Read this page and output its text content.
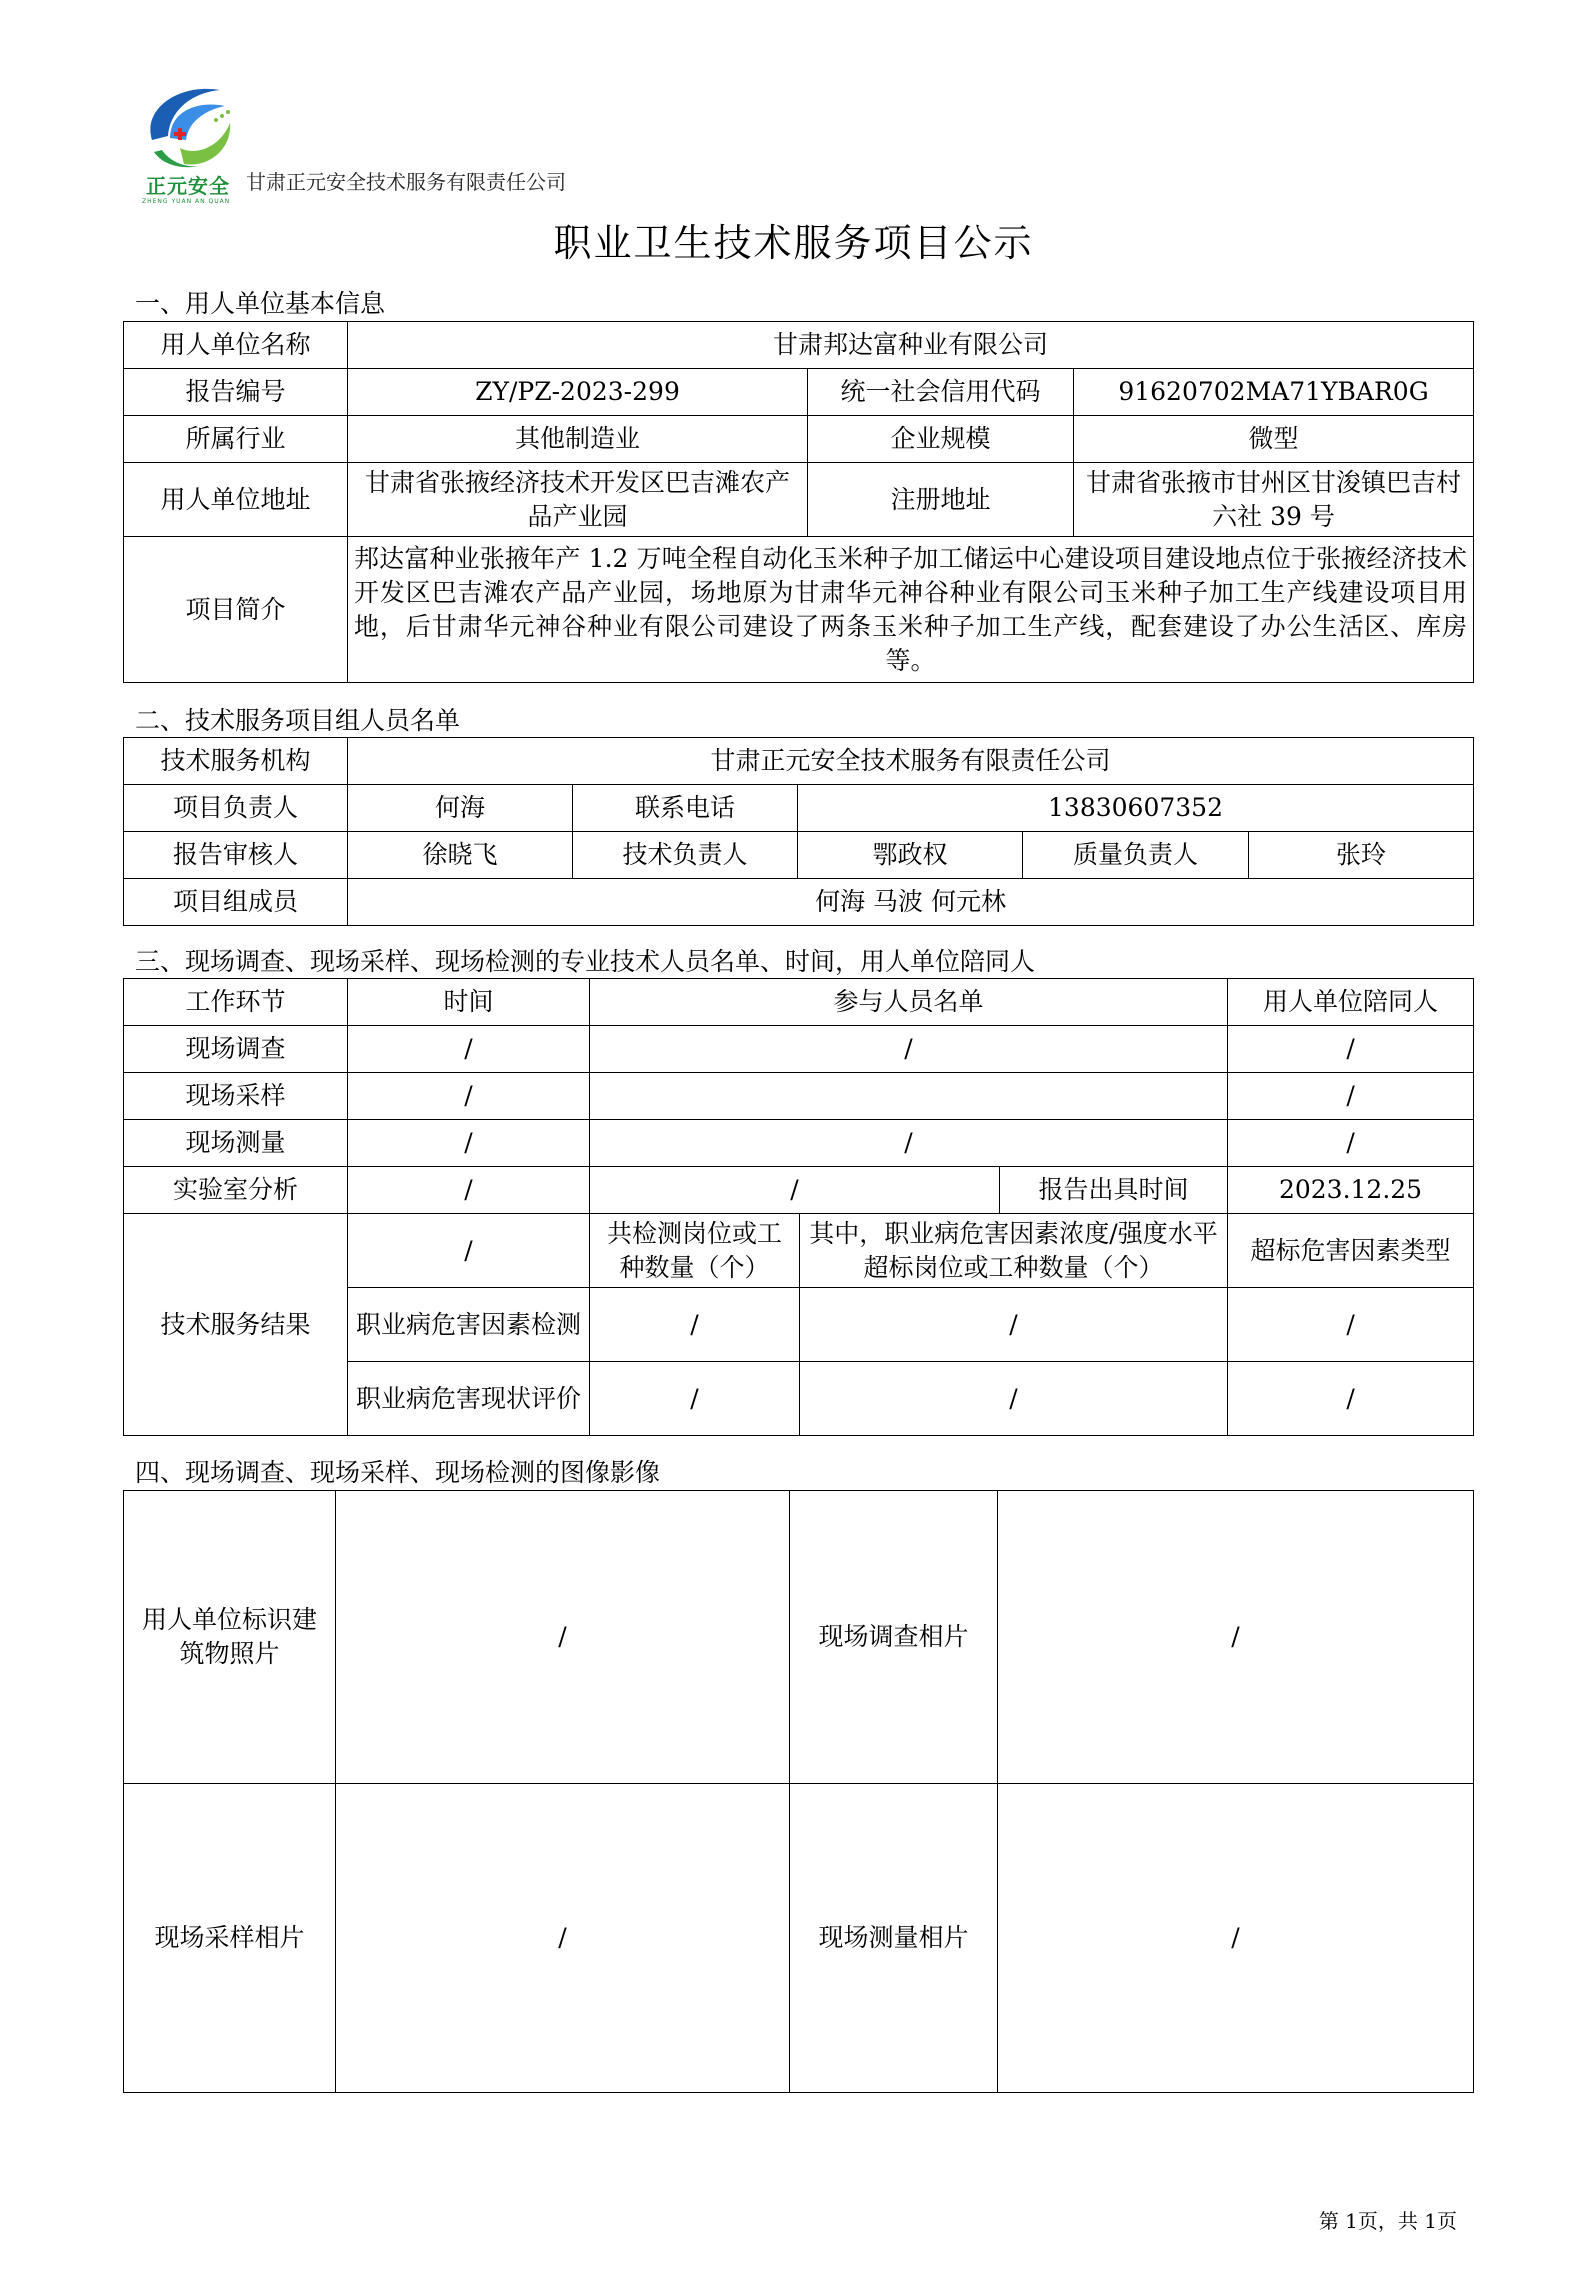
正元安全
ZHENG YUAN AN QUAN
甘肃正元安全技术服务有限责任公司
职业卫生技术服务项目公示
一、用人单位基本信息
用人单位名称	甘肃邦达富种业有限公司		
报告编号	ZY/PZ-2023-299	统一社会信用代码	91620702MA71YBAR0G
所属行业	其他制造业	企业规模	微型
用人单位地址	甘肃省张掖经济技术开发区巴吉滩农产品产业园	注册地址	甘肃省张掖市甘州区甘浚镇巴吉村六社 39 号
项目简介	邦达富种业张掖年产 1.2 万吨全程自动化玉米种子加工储运中心建设项目建设地点位于张掖经济技术开发区巴吉滩农产品产业园，场地原为甘肃华元神谷种业有限公司玉米种子加工生产线建设项目用地，后甘肃华元神谷种业有限公司建设了两条玉米种子加工生产线，配套建设了办公生活区、库房等。		
二、技术服务项目组人员名单
技术服务机构	甘肃正元安全技术服务有限责任公司				
项目负责人	何海	联系电话	13830607352		
报告审核人	徐晓飞	技术负责人	鄂政权	质量负责人	张玲
项目组成员	何海 马波 何元林				
三、现场调查、现场采样、现场检测的专业技术人员名单、时间，用人单位陪同人
工作环节	时间	参与人员名单			用人单位陪同人
现场调查	/	/			/
现场采样	/				/
现场测量	/	/			/
实验室分析	/	/		报告出具时间	2023.12.25
技术服务结果	/	共检测岗位或工种数量（个）	其中，职业病危害因素浓度/强度水平超标岗位或工种数量（个）		超标危害因素类型
	职业病危害因素检测	/	/		/
	职业病危害现状评价	/	/		/
四、现场调查、现场采样、现场检测的图像影像
用人单位标识建筑物照片	/	现场调查相片	/
现场采样相片	/	现场测量相片	/
第 1页，共 1页
